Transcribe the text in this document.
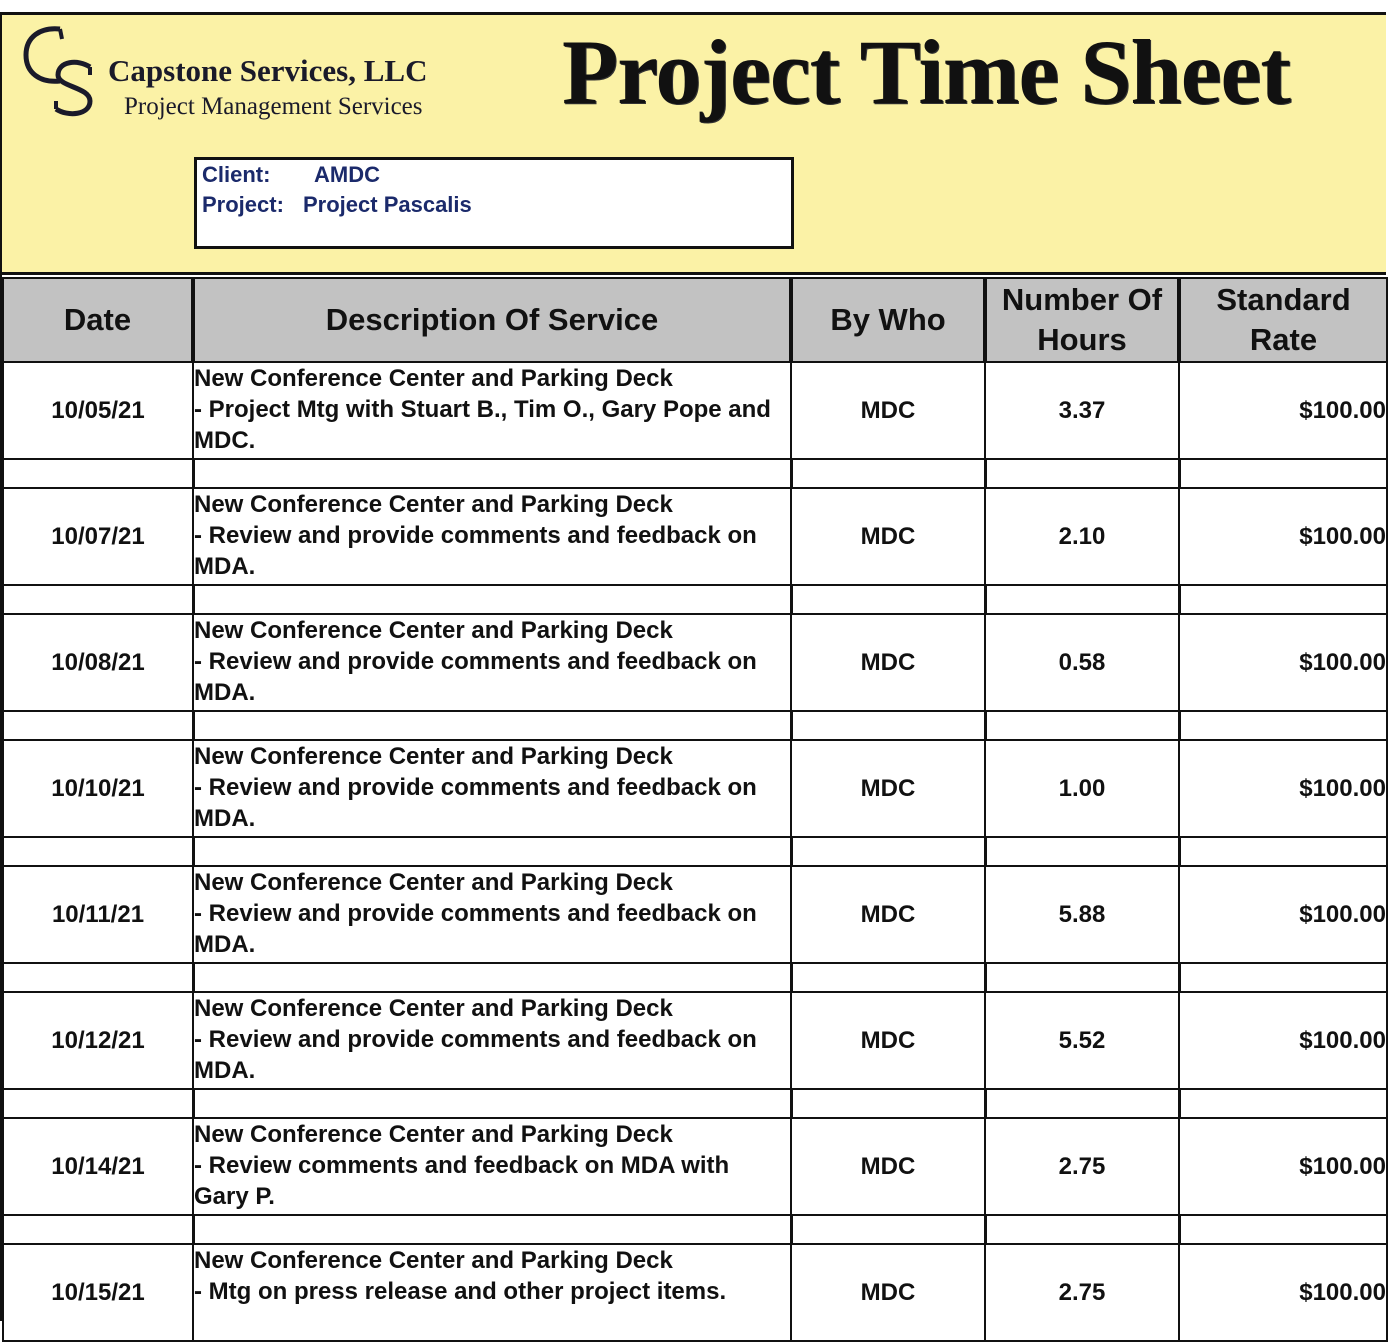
Capstone Services, LLC
Project Management Services Project Time Sheet
Client: AMDC
Project: Project Pascalis
Date	Description Of Service	By Who	Number Of Hours	Standard Rate
10/05/21	New Conference Center and Parking Deck
- Project Mtg with Stuart B., Tim O., Gary Pope and MDC.	MDC	3.37	$100.00

10/07/21	New Conference Center and Parking Deck
- Review and provide comments and feedback on MDA.	MDC	2.10	$100.00

10/08/21	New Conference Center and Parking Deck
- Review and provide comments and feedback on MDA.	MDC	0.58	$100.00

10/10/21	New Conference Center and Parking Deck
- Review and provide comments and feedback on MDA.	MDC	1.00	$100.00

10/11/21	New Conference Center and Parking Deck
- Review and provide comments and feedback on MDA.	MDC	5.88	$100.00

10/12/21	New Conference Center and Parking Deck
- Review and provide comments and feedback on MDA.	MDC	5.52	$100.00

10/14/21	New Conference Center and Parking Deck
- Review comments and feedback on MDA with Gary P.	MDC	2.75	$100.00

10/15/21	New Conference Center and Parking Deck
- Mtg on press release and other project items.	MDC	2.75	$100.00
